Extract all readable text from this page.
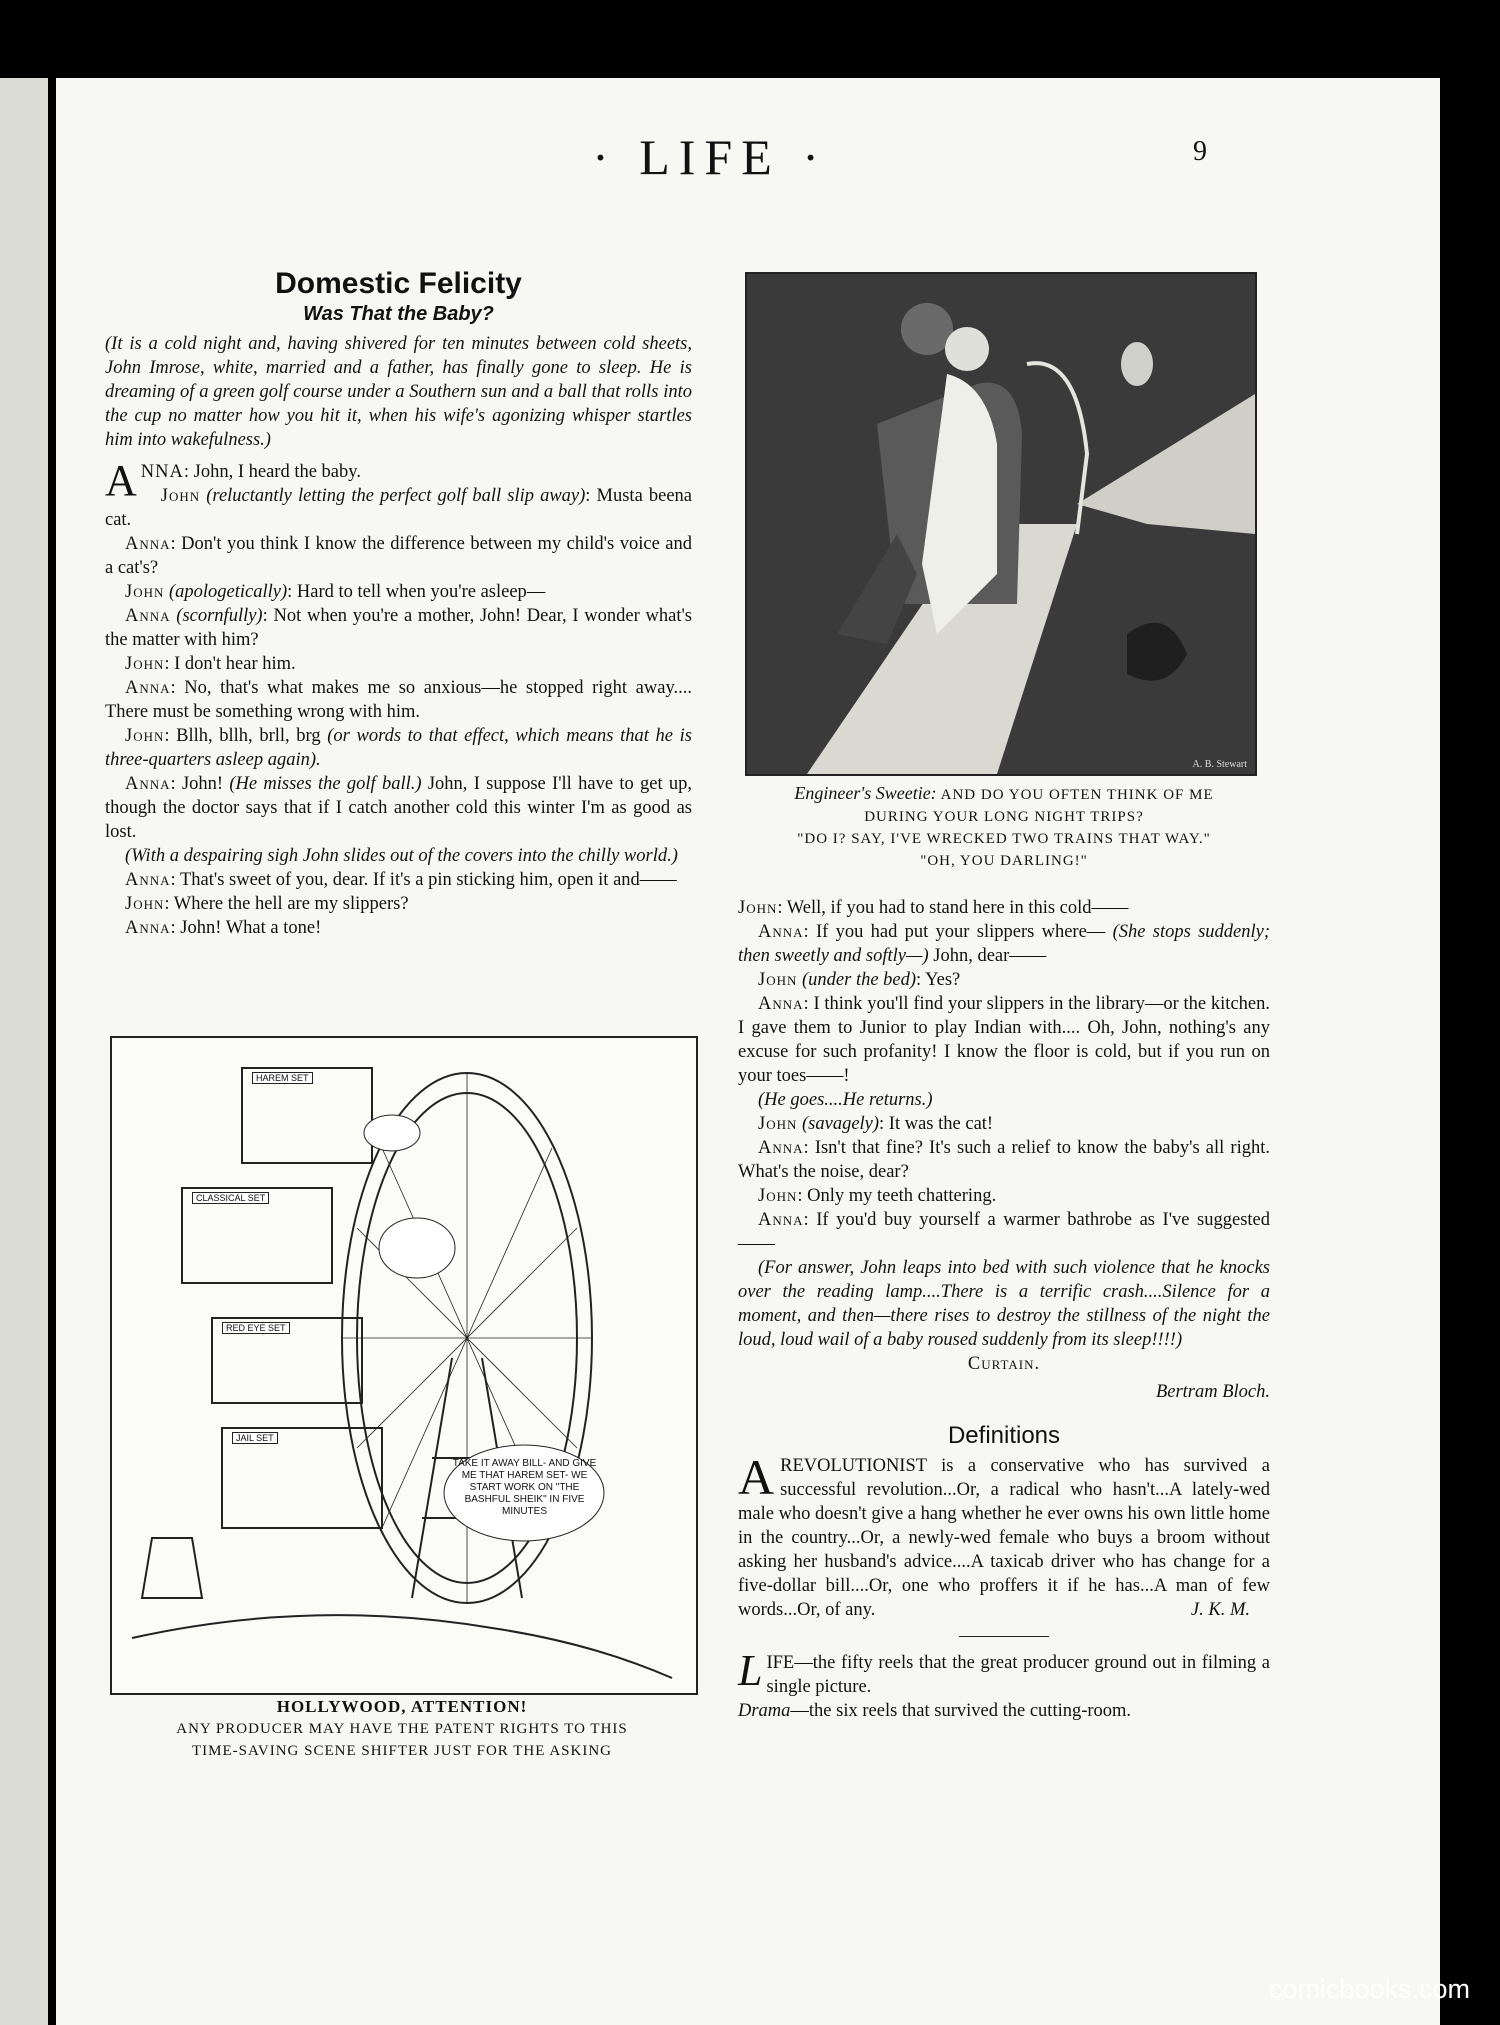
· LIFE ·	9
Domestic Felicity
Was That the Baby?

(It is a cold night and, having shivered for ten minutes between cold sheets, John Imrose, white, married and a father, has finally gone to sleep. He is dreaming of a green golf course under a Southern sun and a ball that rolls into the cup no matter how you hit it, when his wife's agonizing whisper startles him into wakefulness.)

ANNA: John, I heard the baby.

John (reluctantly letting the perfect golf ball slip away): Musta beena cat.

Anna: Don't you think I know the difference between my child's voice and a cat's?

John (apologetically): Hard to tell when you're asleep—

Anna (scornfully): Not when you're a mother, John! Dear, I wonder what's the matter with him?

John: I don't hear him.

Anna: No, that's what makes me so anxious—he stopped right away.... There must be something wrong with him.

John: Bllh, bllh, brll, brg (or words to that effect, which means that he is three-quarters asleep again).

Anna: John! (He misses the golf ball.) John, I suppose I'll have to get up, though the doctor says that if I catch another cold this winter I'm as good as lost.

(With a despairing sigh John slides out of the covers into the chilly world.)

Anna: That's sweet of you, dear. If it's a pin sticking him, open it and——

John: Where the hell are my slippers?

Anna: John! What a tone!

HAREM SET
CLASSICAL SET
RED EYE SET
JAIL SET
TAKE IT AWAY BILL- AND GIVE ME THAT HAREM SET- WE START WORK ON "THE BASHFUL SHEIK" IN FIVE MINUTES
HOLLYWOOD, ATTENTION!
ANY PRODUCER MAY HAVE THE PATENT RIGHTS TO THIS
TIME-SAVING SCENE SHIFTER JUST FOR THE ASKING
A. B. Stewart
Engineer's Sweetie: AND DO YOU OFTEN THINK OF ME
DURING YOUR LONG NIGHT TRIPS?
"DO I? SAY, I'VE WRECKED TWO TRAINS THAT WAY."
"OH, YOU DARLING!"

John: Well, if you had to stand here in this cold——

Anna: If you had put your slippers where— (She stops suddenly; then sweetly and softly—) John, dear——

John (under the bed): Yes?

Anna: I think you'll find your slippers in the library—or the kitchen. I gave them to Junior to play Indian with.... Oh, John, nothing's any excuse for such profanity! I know the floor is cold, but if you run on your toes——!

(He goes....He returns.)

John (savagely): It was the cat!

Anna: Isn't that fine? It's such a relief to know the baby's all right. What's the noise, dear?

John: Only my teeth chattering.

Anna: If you'd buy yourself a warmer bathrobe as I've suggested——

(For answer, John leaps into bed with such violence that he knocks over the reading lamp....There is a terrific crash....Silence for a moment, and then—there rises to destroy the stillness of the night the loud, loud wail of a baby roused suddenly from its sleep!!!!)

Curtain.
Bertram Bloch.
Definitions

AREVOLUTIONIST is a conservative who has survived a successful revolution...Or, a radical who hasn't...A lately-wed male who doesn't give a hang whether he ever owns his own little home in the country...Or, a newly-wed female who buys a broom without asking her husband's advice....A taxicab driver who has change for a five-dollar bill....Or, one who proffers it if he has...A man of few words...Or, of any.	J. K. M.

LIFE—the fifty reels that the great producer ground out in filming a single picture.

Drama—the six reels that survived the cutting-room.

comicbooks.com
